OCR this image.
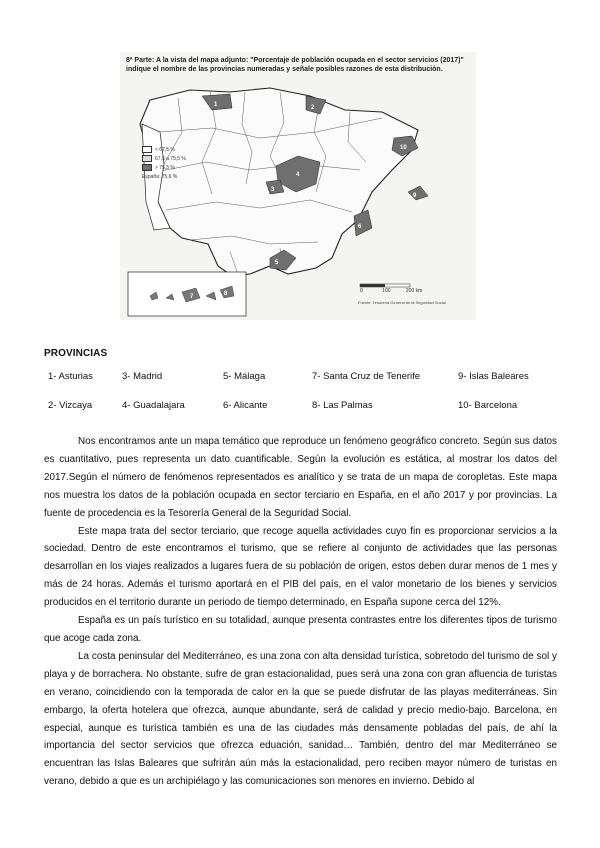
1	2
3
4
5
6
7	8
9
10
8ª Parte: A la vista del mapa adjunto: "Porcentaje de población ocupada en el sector servicios (2017)" indique el nombre de las provincias numeradas y señale posibles razones de esta distribución.
< 67,5 %
67,5 a 75,5 %
> 75,5 %
España: 75,6 %
0	100	200 km
Fuente: Tesorería General de la Seguridad Social
PROVINCIAS
1- Asturias	3- Madrid	5- Málaga	7- Santa Cruz de Tenerife	9- Islas Baleares
2- Vizcaya	4- Guadalajara	6- Alicante	8- Las Palmas	10- Barcelona

Nos encontramos ante un mapa temático que reproduce un fenómeno geográfico concreto. Según sus datos es cuantitativo, pues representa un dato cuantificable. Según la evolución es estática, al mostrar los datos del 2017.Según el número de fenómenos representados es analítico y se trata de un mapa de coropletas. Este mapa nos muestra los datos de la población ocupada en sector terciario en España, en el año 2017 y por provincias. La fuente de procedencia es la Tesorería General de la Seguridad Social.

Este mapa trata del sector terciario, que recoge aquella actividades cuyo fin es proporcionar servicios a la sociedad. Dentro de este encontramos el turismo, que se refiere al conjunto de actividades que las personas desarrollan en los viajes realizados a lugares fuera de su población de origen, estos deben durar menos de 1 mes y más de 24 horas. Además el turismo aportará en el PIB del país, en el valor monetario de los bienes y servicios producidos en el territorio durante un periodo de tiempo determinado, en España supone cerca del 12%.

España es un país turístico en su totalidad, aunque presenta contrastes entre los diferentes tipos de turismo que acoge cada zona.

La costa peninsular del Mediterráneo, es una zona con alta densidad turística, sobretodo del turismo de sol y playa y de borrachera. No obstante, sufre de gran estacionalidad, pues será una zona con gran afluencia de turistas en verano, coincidiendo con la temporada de calor en la que se puede disfrutar de las playas mediterráneas. Sin embargo, la oferta hotelera que ofrezca, aunque abundante, será de calidad y precio medio-bajo. Barcelona, en especial, aunque es turística también es una de las ciudades más densamente pobladas del país, de ahí la importancia del sector servicios que ofrezca eduación, sanidad… También, dentro del mar Mediterráneo se encuentran las Islas Baleares que sufrirán aún más la estacionalidad, pero reciben mayor número de turistas en verano, debido a que es un archipiélago y las comunicaciones son menores en invierno. Debido al
